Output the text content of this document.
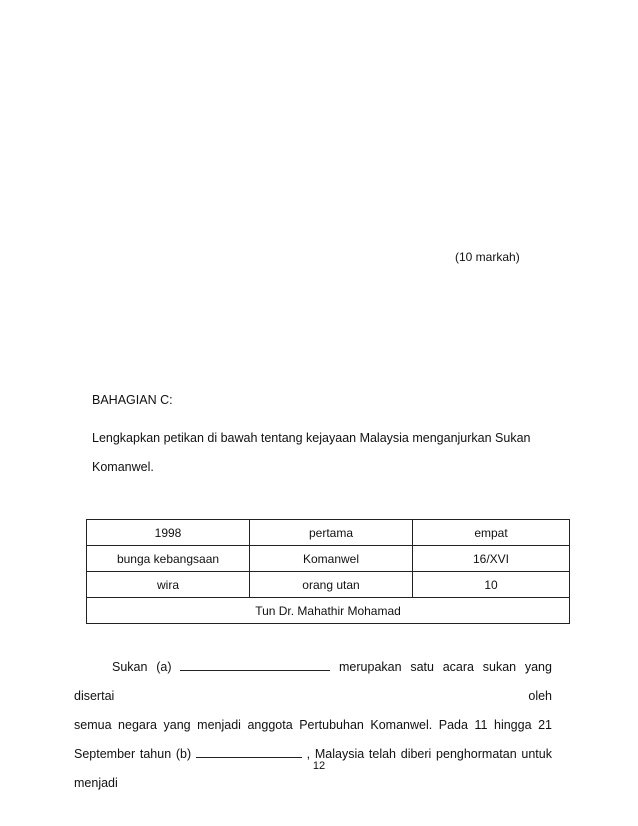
(10 markah)
BAHAGIAN C:
Lengkapkan petikan di bawah tentang kejayaan Malaysia menganjurkan Sukan
Komanwel.
1998	pertama	empat
bunga kebangsaan	Komanwel	16/XVI
wira	orang utan	10
Tun Dr. Mahathir Mohamad		

Sukan (a)	merupakan satu acara sukan yang disertai oleh

semua negara yang menjadi anggota Pertubuhan Komanwel. Pada 11 hingga 21

September tahun (b)	, Malaysia telah diberi penghormatan untuk menjadi

12
